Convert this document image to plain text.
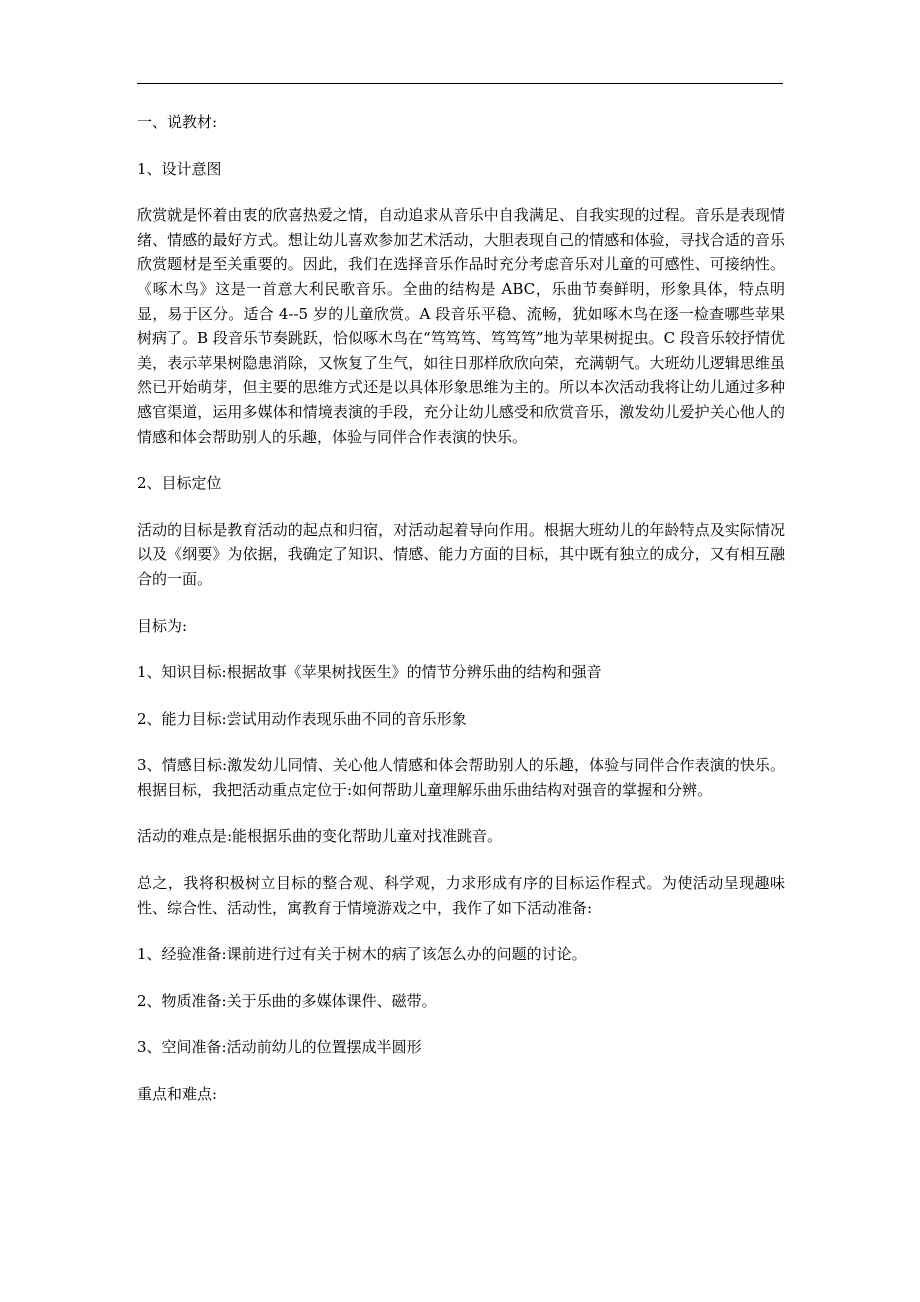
一、说教材:

1、设计意图

欣赏就是怀着由衷的欣喜热爱之情，自动追求从音乐中自我满足、自我实现的过程。音乐是表现情绪、情感的最好方式。想让幼儿喜欢参加艺术活动，大胆表现自己的情感和体验，寻找合适的音乐欣赏题材是至关重要的。因此，我们在选择音乐作品时充分考虑音乐对儿童的可感性、可接纳性。《啄木鸟》这是一首意大利民歌音乐。全曲的结构是 ABC，乐曲节奏鲜明，形象具体，特点明显，易于区分。适合 4--5 岁的儿童欣赏。A 段音乐平稳、流畅，犹如啄木鸟在逐一检查哪些苹果树病了。B 段音乐节奏跳跃，恰似啄木鸟在“笃笃笃、笃笃笃”地为苹果树捉虫。C 段音乐较抒情优美，表示苹果树隐患消除，又恢复了生气，如往日那样欣欣向荣，充满朝气。大班幼儿逻辑思维虽然已开始萌芽，但主要的思维方式还是以具体形象思维为主的。所以本次活动我将让幼儿通过多种感官渠道，运用多媒体和情境表演的手段，充分让幼儿感受和欣赏音乐，激发幼儿爱护关心他人的情感和体会帮助别人的乐趣，体验与同伴合作表演的快乐。

2、目标定位

活动的目标是教育活动的起点和归宿，对活动起着导向作用。根据大班幼儿的年龄特点及实际情况以及《纲要》为依据，我确定了知识、情感、能力方面的目标，其中既有独立的成分，又有相互融合的一面。

目标为:

1、知识目标:根据故事《苹果树找医生》的情节分辨乐曲的结构和强音

2、能力目标:尝试用动作表现乐曲不同的音乐形象

3、情感目标:激发幼儿同情、关心他人情感和体会帮助别人的乐趣，体验与同伴合作表演的快乐。根据目标，我把活动重点定位于:如何帮助儿童理解乐曲乐曲结构对强音的掌握和分辨。

活动的难点是:能根据乐曲的变化帮助儿童对找准跳音。

总之，我将积极树立目标的整合观、科学观，力求形成有序的目标运作程式。为使活动呈现趣味性、综合性、活动性，寓教育于情境游戏之中，我作了如下活动准备:

1、经验准备:课前进行过有关于树木的病了该怎么办的问题的讨论。

2、物质准备:关于乐曲的多媒体课件、磁带。

3、空间准备:活动前幼儿的位置摆成半圆形

重点和难点:
